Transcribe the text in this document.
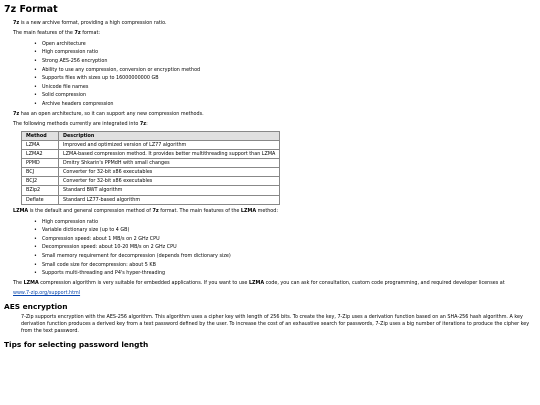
7z Format

7z is a new archive format, providing a high compression ratio.

The main features of the 7z format:

• Open architecture
• High compression ratio
• Strong AES-256 encryption
• Ability to use any compression, conversion or encryption method
• Supports files with sizes up to 16000000000 GB
• Unicode file names
• Solid compression
• Archive headers compression

7z has an open architecture, so it can support any new compression methods.

The following methods currently are integrated into 7z:

Method	Description
LZMA	Improved and optimized version of LZ77 algorithm
LZMA2	LZMA-based compression method. It provides better multithreading support than LZMA
PPMD	Dmitry Shkarin's PPMdH with small changes
BCJ	Converter for 32-bit x86 executables
BCJ2	Converter for 32-bit x86 executables
BZip2	Standard BWT algorithm
Deflate	Standard LZ77-based algorithm

LZMA is the default and general compression method of 7z format. The main features of the LZMA method:

• High compression ratio
• Variable dictionary size (up to 4 GB)
• Compression speed: about 1 MB/s on 2 GHz CPU
• Decompression speed: about 10-20 MB/s on 2 GHz CPU
• Small memory requirement for decompression (depends from dictionary size)
• Small code size for decompression: about 5 KB
• Supports multi-threading and P4's hyper-threading

The LZMA compression algorithm is very suitable for embedded applications. If you want to use LZMA code, you can ask for consultation, custom code programming, and required developer licenses at

www.7-zip.org/support.html

AES encryption

7-Zip supports encryption with the AES-256 algorithm. This algorithm uses a cipher key with length of 256 bits. To create the key, 7-Zip uses a derivation function based on an SHA-256 hash algorithm. A key derivation function produces a derived key from a text password defined by the user. To increase the cost of an exhaustive search for passwords, 7-Zip uses a big number of iterations to produce the cipher key from the text password.

Tips for selecting password length
